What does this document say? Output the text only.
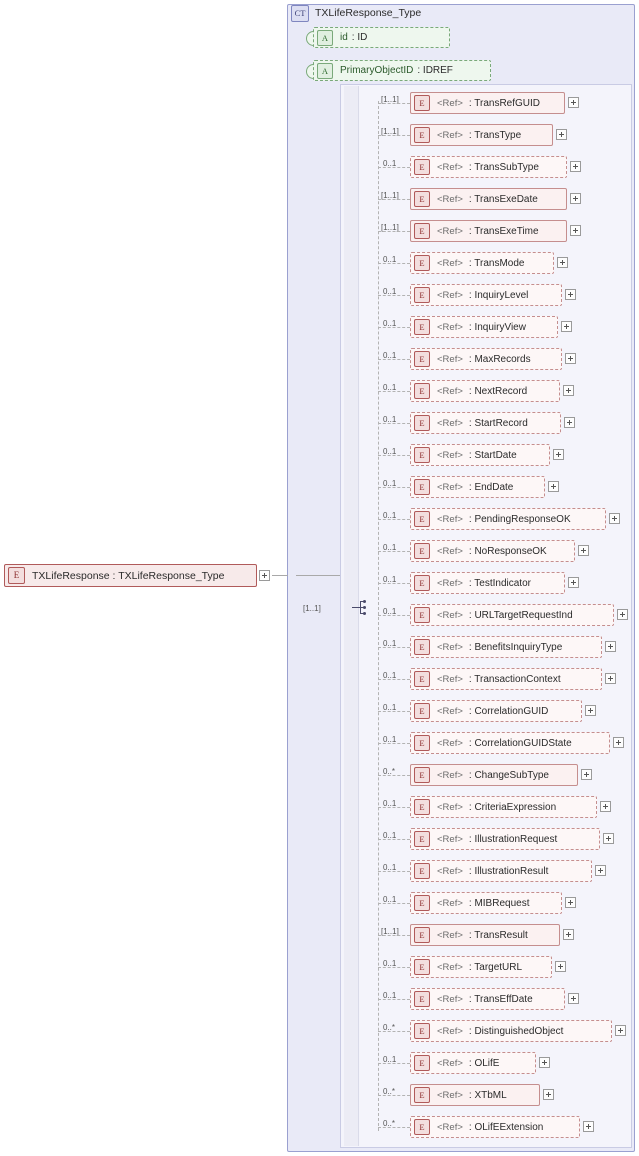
CT TXLifeResponse_Type
E	TXLifeResponse : TXLifeResponse_Type
A	id : ID
A	PrimaryObjectID : IDREF
[1..1]
[1..1]	E	<Ref> : TransRefGUID
[1..1]	E	<Ref> : TransType
0..1	E	<Ref> : TransSubType
[1..1]	E	<Ref> : TransExeDate
[1..1]	E	<Ref> : TransExeTime
0..1	E	<Ref> : TransMode
0..1	E	<Ref> : InquiryLevel
0..1	E	<Ref> : InquiryView
0..1	E	<Ref> : MaxRecords
0..1	E	<Ref> : NextRecord
0..1	E	<Ref> : StartRecord
0..1	E	<Ref> : StartDate
0..1	E	<Ref> : EndDate
0..1	E	<Ref> : PendingResponseOK
0..1	E	<Ref> : NoResponseOK
0..1	E	<Ref> : TestIndicator
0..1	E	<Ref> : URLTargetRequestInd
0..1	E	<Ref> : BenefitsInquiryType
0..1	E	<Ref> : TransactionContext
0..1	E	<Ref> : CorrelationGUID
0..1	E	<Ref> : CorrelationGUIDState
0..*	E	<Ref> : ChangeSubType
0..1	E	<Ref> : CriteriaExpression
0..1	E	<Ref> : IllustrationRequest
0..1	E	<Ref> : IllustrationResult
0..1	E	<Ref> : MIBRequest
[1..1]	E	<Ref> : TransResult
0..1	E	<Ref> : TargetURL
0..1	E	<Ref> : TransEffDate
0..*	E	<Ref> : DistinguishedObject
0..1	E	<Ref> : OLifE
0..*	E	<Ref> : XTbML
0..*	E	<Ref> : OLifEExtension
